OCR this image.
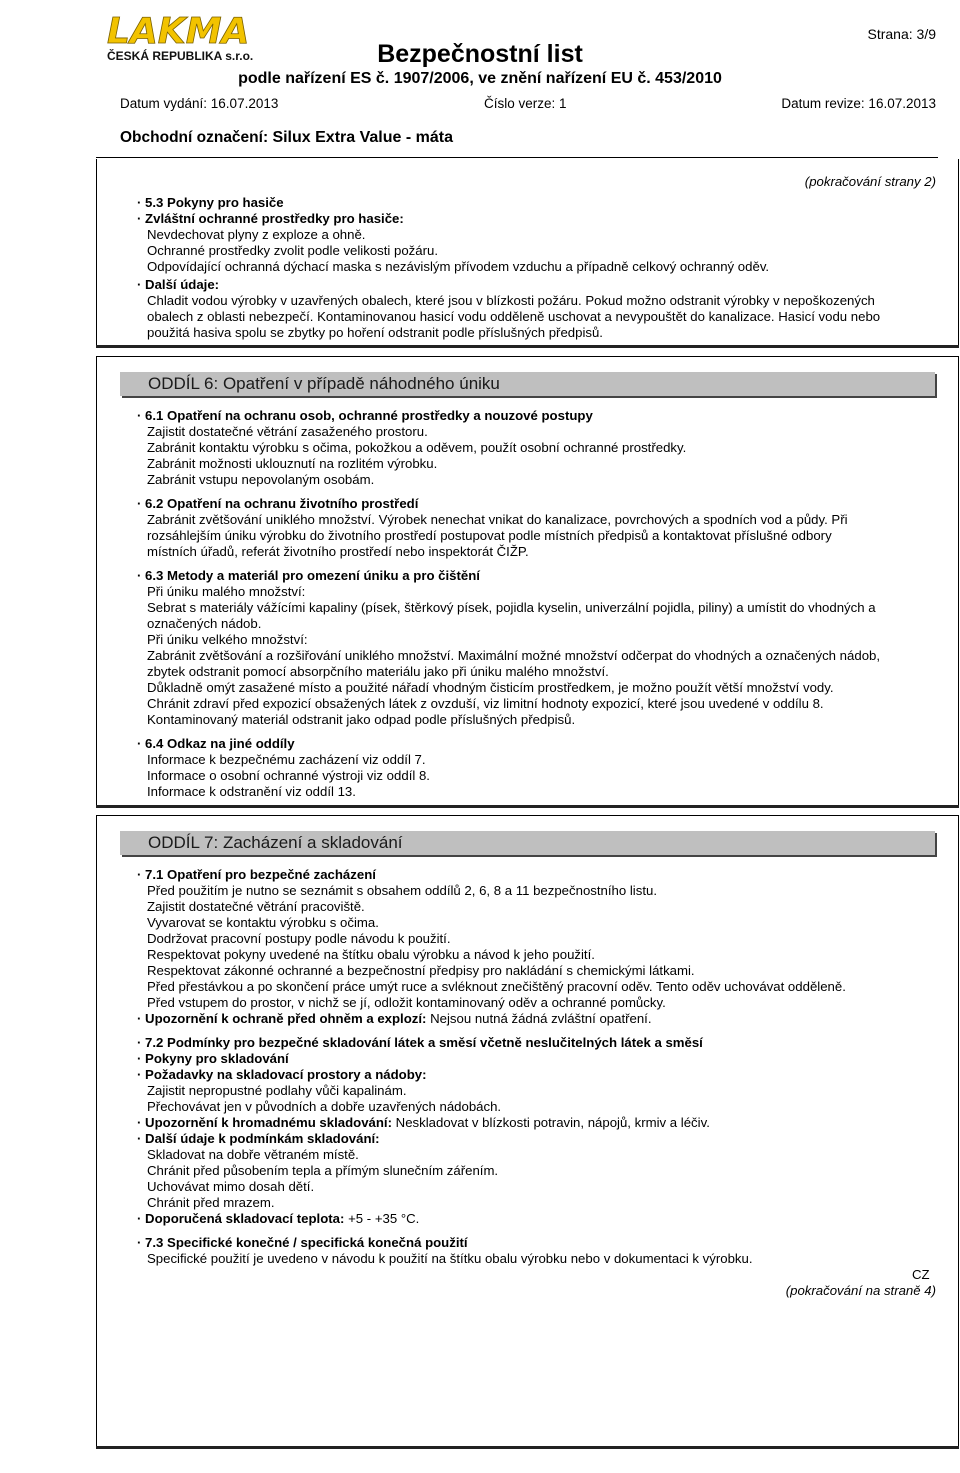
LAKMA
ČESKÁ REPUBLIKA s.r.o.
Strana: 3/9
Bezpečnostní list
podle nařízení ES č. 1907/2006, ve znění nařízení EU č. 453/2010
Datum vydání: 16.07.2013	Číslo verze: 1	Datum revize: 16.07.2013
Obchodní označení: Silux Extra Value - máta
(pokračování strany 2)
· 5.3 Pokyny pro hasiče
· Zvláštní ochranné prostředky pro hasiče:
Nevdechovat plyny z exploze a ohně.
Ochranné prostředky zvolit podle velikosti požáru.
Odpovídající ochranná dýchací maska s nezávislým přívodem vzduchu a případně celkový ochranný oděv.
· Další údaje:
Chladit vodou výrobky v uzavřených obalech, které jsou v blízkosti požáru. Pokud možno odstranit výrobky v nepoškozených
obalech z oblasti nebezpečí. Kontaminovanou hasicí vodu odděleně uschovat a nevypouštět do kanalizace. Hasicí vodu nebo
použitá hasiva spolu se zbytky po hoření odstranit podle příslušných předpisů.
ODDÍL 6: Opatření v případě náhodného úniku
· 6.1 Opatření na ochranu osob, ochranné prostředky a nouzové postupy
Zajistit dostatečné větrání zasaženého prostoru.
Zabránit kontaktu výrobku s očima, pokožkou a oděvem, použít osobní ochranné prostředky.
Zabránit možnosti uklouznutí na rozlitém výrobku.
Zabránit vstupu nepovolaným osobám.
· 6.2 Opatření na ochranu životního prostředí
Zabránit zvětšování uniklého množství. Výrobek nenechat vnikat do kanalizace, povrchových a spodních vod a půdy. Při
rozsáhlejším úniku výrobku do životního prostředí postupovat podle místních předpisů a kontaktovat příslušné odbory
místních úřadů, referát životního prostředí nebo inspektorát ČIŽP.
· 6.3 Metody a materiál pro omezení úniku a pro čištění
Při úniku malého množství:
Sebrat s materiály vážícími kapaliny (písek, štěrkový písek, pojidla kyselin, univerzální pojidla, piliny) a umístit do vhodných a
označených nádob.
Při úniku velkého množství:
Zabránit zvětšování a rozšiřování uniklého množství. Maximální možné množství odčerpat do vhodných a označených nádob,
zbytek odstranit pomocí absorpčního materiálu jako při úniku malého množství.
Důkladně omýt zasažené místo a použité nářadí vhodným čisticím prostředkem, je možno použít větší množství vody.
Chránit zdraví před expozicí obsažených látek z ovzduší, viz limitní hodnoty expozicí, které jsou uvedené v oddílu 8.
Kontaminovaný materiál odstranit jako odpad podle příslušných předpisů.
· 6.4 Odkaz na jiné oddíly
Informace k bezpečnému zacházení viz oddíl 7.
Informace o osobní ochranné výstroji viz oddíl 8.
Informace k odstranění viz oddíl 13.
ODDÍL 7: Zacházení a skladování
· 7.1 Opatření pro bezpečné zacházení
Před použitím je nutno se seznámit s obsahem oddílů 2, 6, 8 a 11 bezpečnostního listu.
Zajistit dostatečné větrání pracoviště.
Vyvarovat se kontaktu výrobku s očima.
Dodržovat pracovní postupy podle návodu k použití.
Respektovat pokyny uvedené na štítku obalu výrobku a návod k jeho použití.
Respektovat zákonné ochranné a bezpečnostní předpisy pro nakládání s chemickými látkami.
Před přestávkou a po skončení práce umýt ruce a svléknout znečištěný pracovní oděv. Tento oděv uchovávat odděleně.
Před vstupem do prostor, v nichž se jí, odložit kontaminovaný oděv a ochranné pomůcky.
· Upozornění k ochraně před ohněm a explozí: Nejsou nutná žádná zvláštní opatření.
· 7.2 Podmínky pro bezpečné skladování látek a směsí včetně neslučitelných látek a směsí
· Pokyny pro skladování
· Požadavky na skladovací prostory a nádoby:
Zajistit nepropustné podlahy vůči kapalinám.
Přechovávat jen v původních a dobře uzavřených nádobách.
· Upozornění k hromadnému skladování: Neskladovat v blízkosti potravin, nápojů, krmiv a léčiv.
· Další údaje k podmínkám skladování:
Skladovat na dobře větraném místě.
Chránit před působením tepla a přímým slunečním zářením.
Uchovávat mimo dosah dětí.
Chránit před mrazem.
· Doporučená skladovací teplota: +5 - +35 °C.
· 7.3 Specifické konečné / specifická konečná použití
Specifické použití je uvedeno v návodu k použití na štítku obalu výrobku nebo v dokumentaci k výrobku.
CZ
(pokračování na straně 4)
